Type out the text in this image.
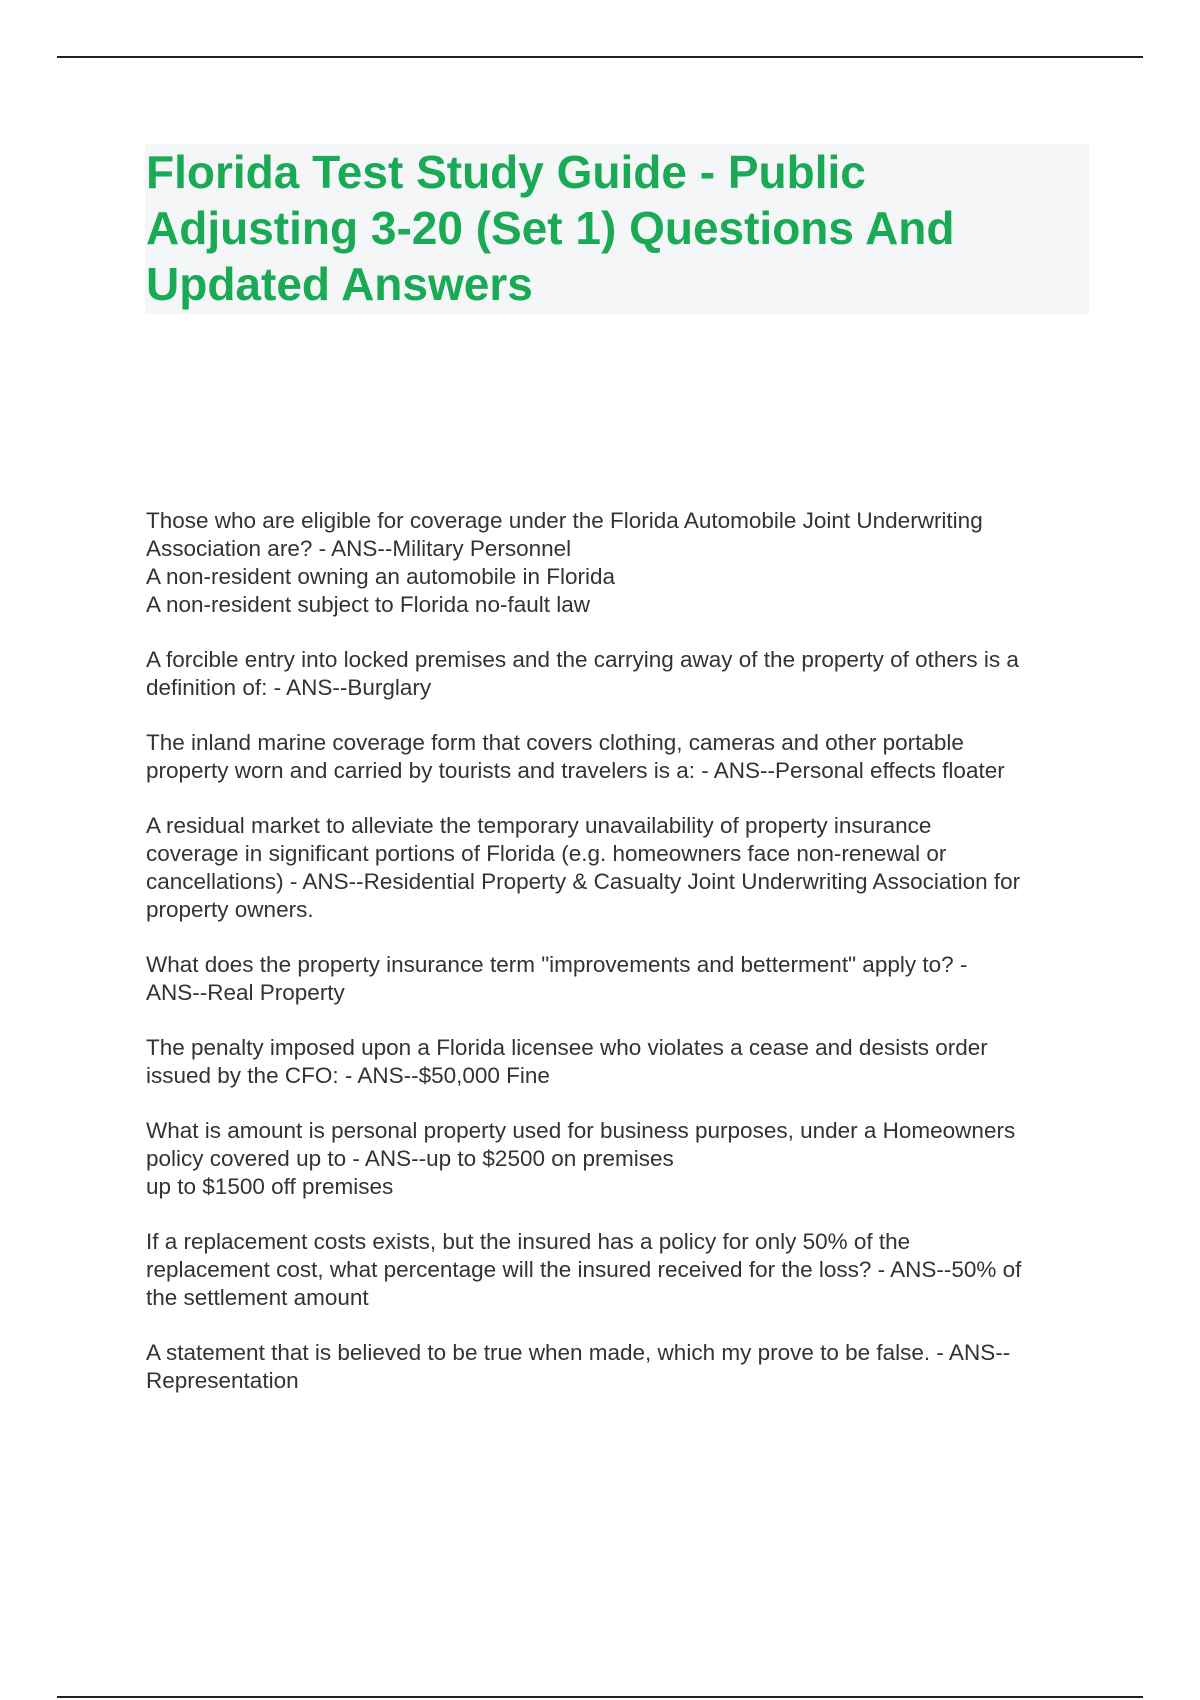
Florida Test Study Guide - Public
Adjusting 3-20 (Set 1) Questions And
Updated Answers
Those who are eligible for coverage under the Florida Automobile Joint Underwriting
Association are? - ANS--Military Personnel
A non-resident owning an automobile in Florida
A non-resident subject to Florida no-fault law
A forcible entry into locked premises and the carrying away of the property of others is a
definition of: - ANS--Burglary
The inland marine coverage form that covers clothing, cameras and other portable
property worn and carried by tourists and travelers is a: - ANS--Personal effects floater
A residual market to alleviate the temporary unavailability of property insurance
coverage in significant portions of Florida (e.g. homeowners face non-renewal or
cancellations) - ANS--Residential Property & Casualty Joint Underwriting Association for
property owners.
What does the property insurance term "improvements and betterment" apply to? -
ANS--Real Property
The penalty imposed upon a Florida licensee who violates a cease and desists order
issued by the CFO: - ANS--$50,000 Fine
What is amount is personal property used for business purposes, under a Homeowners
policy covered up to - ANS--up to $2500 on premises
up to $1500 off premises
If a replacement costs exists, but the insured has a policy for only 50% of the
replacement cost, what percentage will the insured received for the loss? - ANS--50% of
the settlement amount
A statement that is believed to be true when made, which my prove to be false. - ANS--
Representation
